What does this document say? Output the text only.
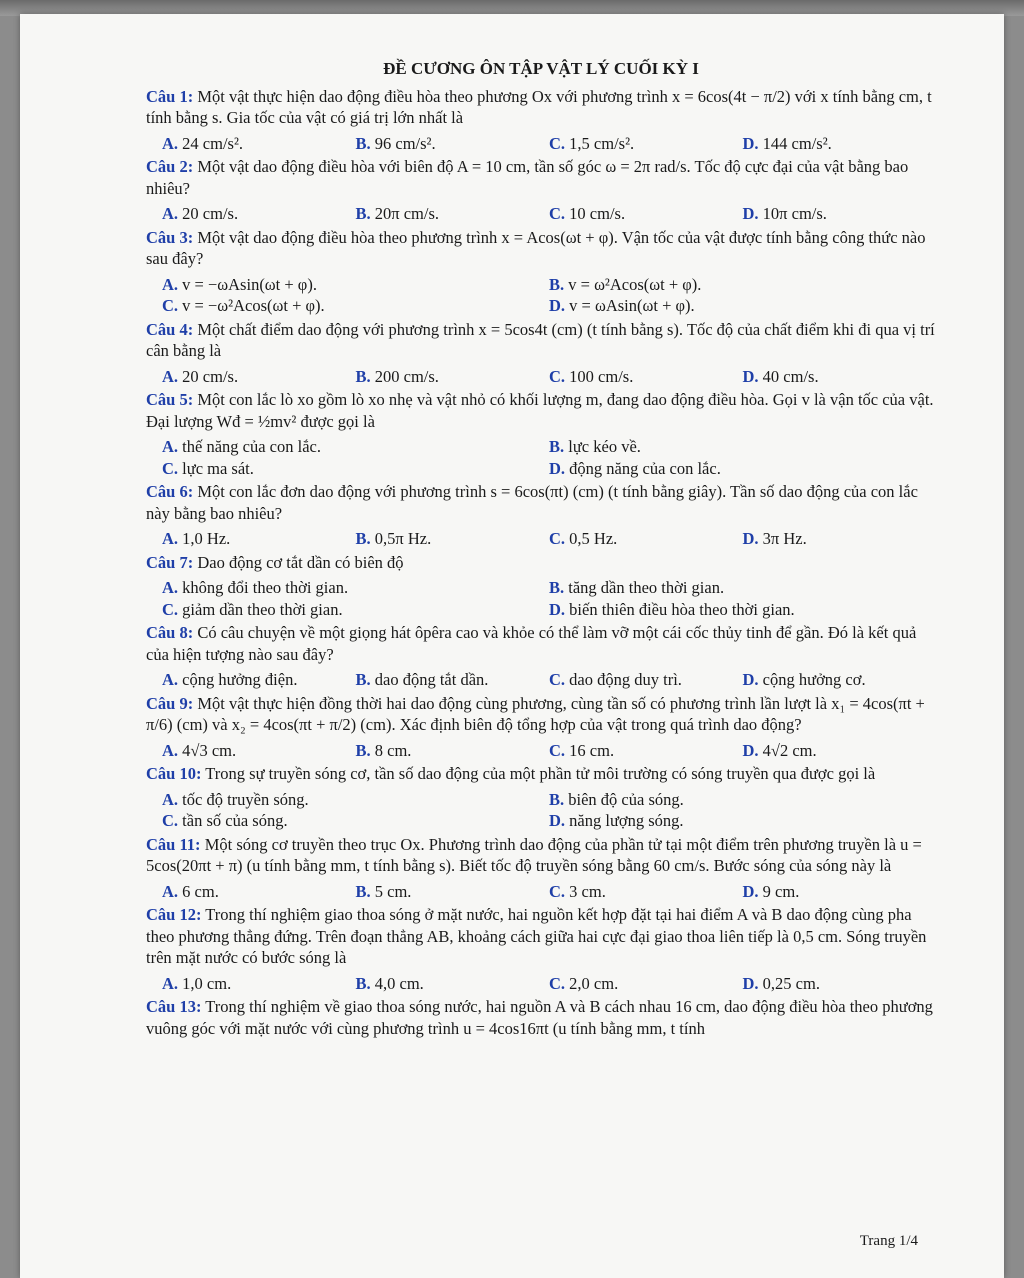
ĐỀ CƯƠNG ÔN TẬP VẬT LÝ CUỐI KỲ I
Câu 1: Một vật thực hiện dao động điều hòa theo phương Ox với phương trình x = 6cos(4t − π/2) với x tính bằng cm, t tính bằng s. Gia tốc của vật có giá trị lớn nhất là
A. 24 cm/s².	B. 96 cm/s².	C. 1,5 cm/s².	D. 144 cm/s².
Câu 2: Một vật dao động điều hòa với biên độ A = 10 cm, tần số góc ω = 2π rad/s. Tốc độ cực đại của vật bằng bao nhiêu?
A. 20 cm/s.	B. 20π cm/s.	C. 10 cm/s.	D. 10π cm/s.
Câu 3: Một vật dao động điều hòa theo phương trình x = Acos(ωt + φ). Vận tốc của vật được tính bằng công thức nào sau đây?
A. v = −ωAsin(ωt + φ).	B. v = ω²Acos(ωt + φ).
C. v = −ω²Acos(ωt + φ).	D. v = ωAsin(ωt + φ).
Câu 4: Một chất điểm dao động với phương trình x = 5cos4t (cm) (t tính bằng s). Tốc độ của chất điểm khi đi qua vị trí cân bằng là
A. 20 cm/s.	B. 200 cm/s.	C. 100 cm/s.	D. 40 cm/s.
Câu 5: Một con lắc lò xo gồm lò xo nhẹ và vật nhỏ có khối lượng m, đang dao động điều hòa. Gọi v là vận tốc của vật. Đại lượng Wđ = ½mv² được gọi là
A. thế năng của con lắc.	B. lực kéo về.
C. lực ma sát.	D. động năng của con lắc.
Câu 6: Một con lắc đơn dao động với phương trình s = 6cos(πt) (cm) (t tính bằng giây). Tần số dao động của con lắc này bằng bao nhiêu?
A. 1,0 Hz.	B. 0,5π Hz.	C. 0,5 Hz.	D. 3π Hz.
Câu 7: Dao động cơ tắt dần có biên độ
A. không đổi theo thời gian.	B. tăng dần theo thời gian.
C. giảm dần theo thời gian.	D. biến thiên điều hòa theo thời gian.
Câu 8: Có câu chuyện về một giọng hát ôpêra cao và khỏe có thể làm vỡ một cái cốc thủy tinh để gần. Đó là kết quả của hiện tượng nào sau đây?
A. cộng hưởng điện.	B. dao động tắt dần.	C. dao động duy trì.	D. cộng hưởng cơ.
Câu 9: Một vật thực hiện đồng thời hai dao động cùng phương, cùng tần số có phương trình lần lượt là x₁ = 4cos(πt + π/6) (cm) và x₂ = 4cos(πt + π/2) (cm). Xác định biên độ tổng hợp của vật trong quá trình dao động?
A. 4√3 cm.	B. 8 cm.	C. 16 cm.	D. 4√2 cm.
Câu 10: Trong sự truyền sóng cơ, tần số dao động của một phần tử môi trường có sóng truyền qua được gọi là
A. tốc độ truyền sóng.	B. biên độ của sóng.
C. tần số của sóng.	D. năng lượng sóng.
Câu 11: Một sóng cơ truyền theo trục Ox. Phương trình dao động của phần tử tại một điểm trên phương truyền là u = 5cos(20πt + π) (u tính bằng mm, t tính bằng s). Biết tốc độ truyền sóng bằng 60 cm/s. Bước sóng của sóng này là
A. 6 cm.	B. 5 cm.	C. 3 cm.	D. 9 cm.
Câu 12: Trong thí nghiệm giao thoa sóng ở mặt nước, hai nguồn kết hợp đặt tại hai điểm A và B dao động cùng pha theo phương thẳng đứng. Trên đoạn thẳng AB, khoảng cách giữa hai cực đại giao thoa liên tiếp là 0,5 cm. Sóng truyền trên mặt nước có bước sóng là
A. 1,0 cm.	B. 4,0 cm.	C. 2,0 cm.	D. 0,25 cm.
Câu 13: Trong thí nghiệm về giao thoa sóng nước, hai nguồn A và B cách nhau 16 cm, dao động điều hòa theo phương vuông góc với mặt nước với cùng phương trình u = 4cos16πt (u tính bằng mm, t tính
Trang 1/4
